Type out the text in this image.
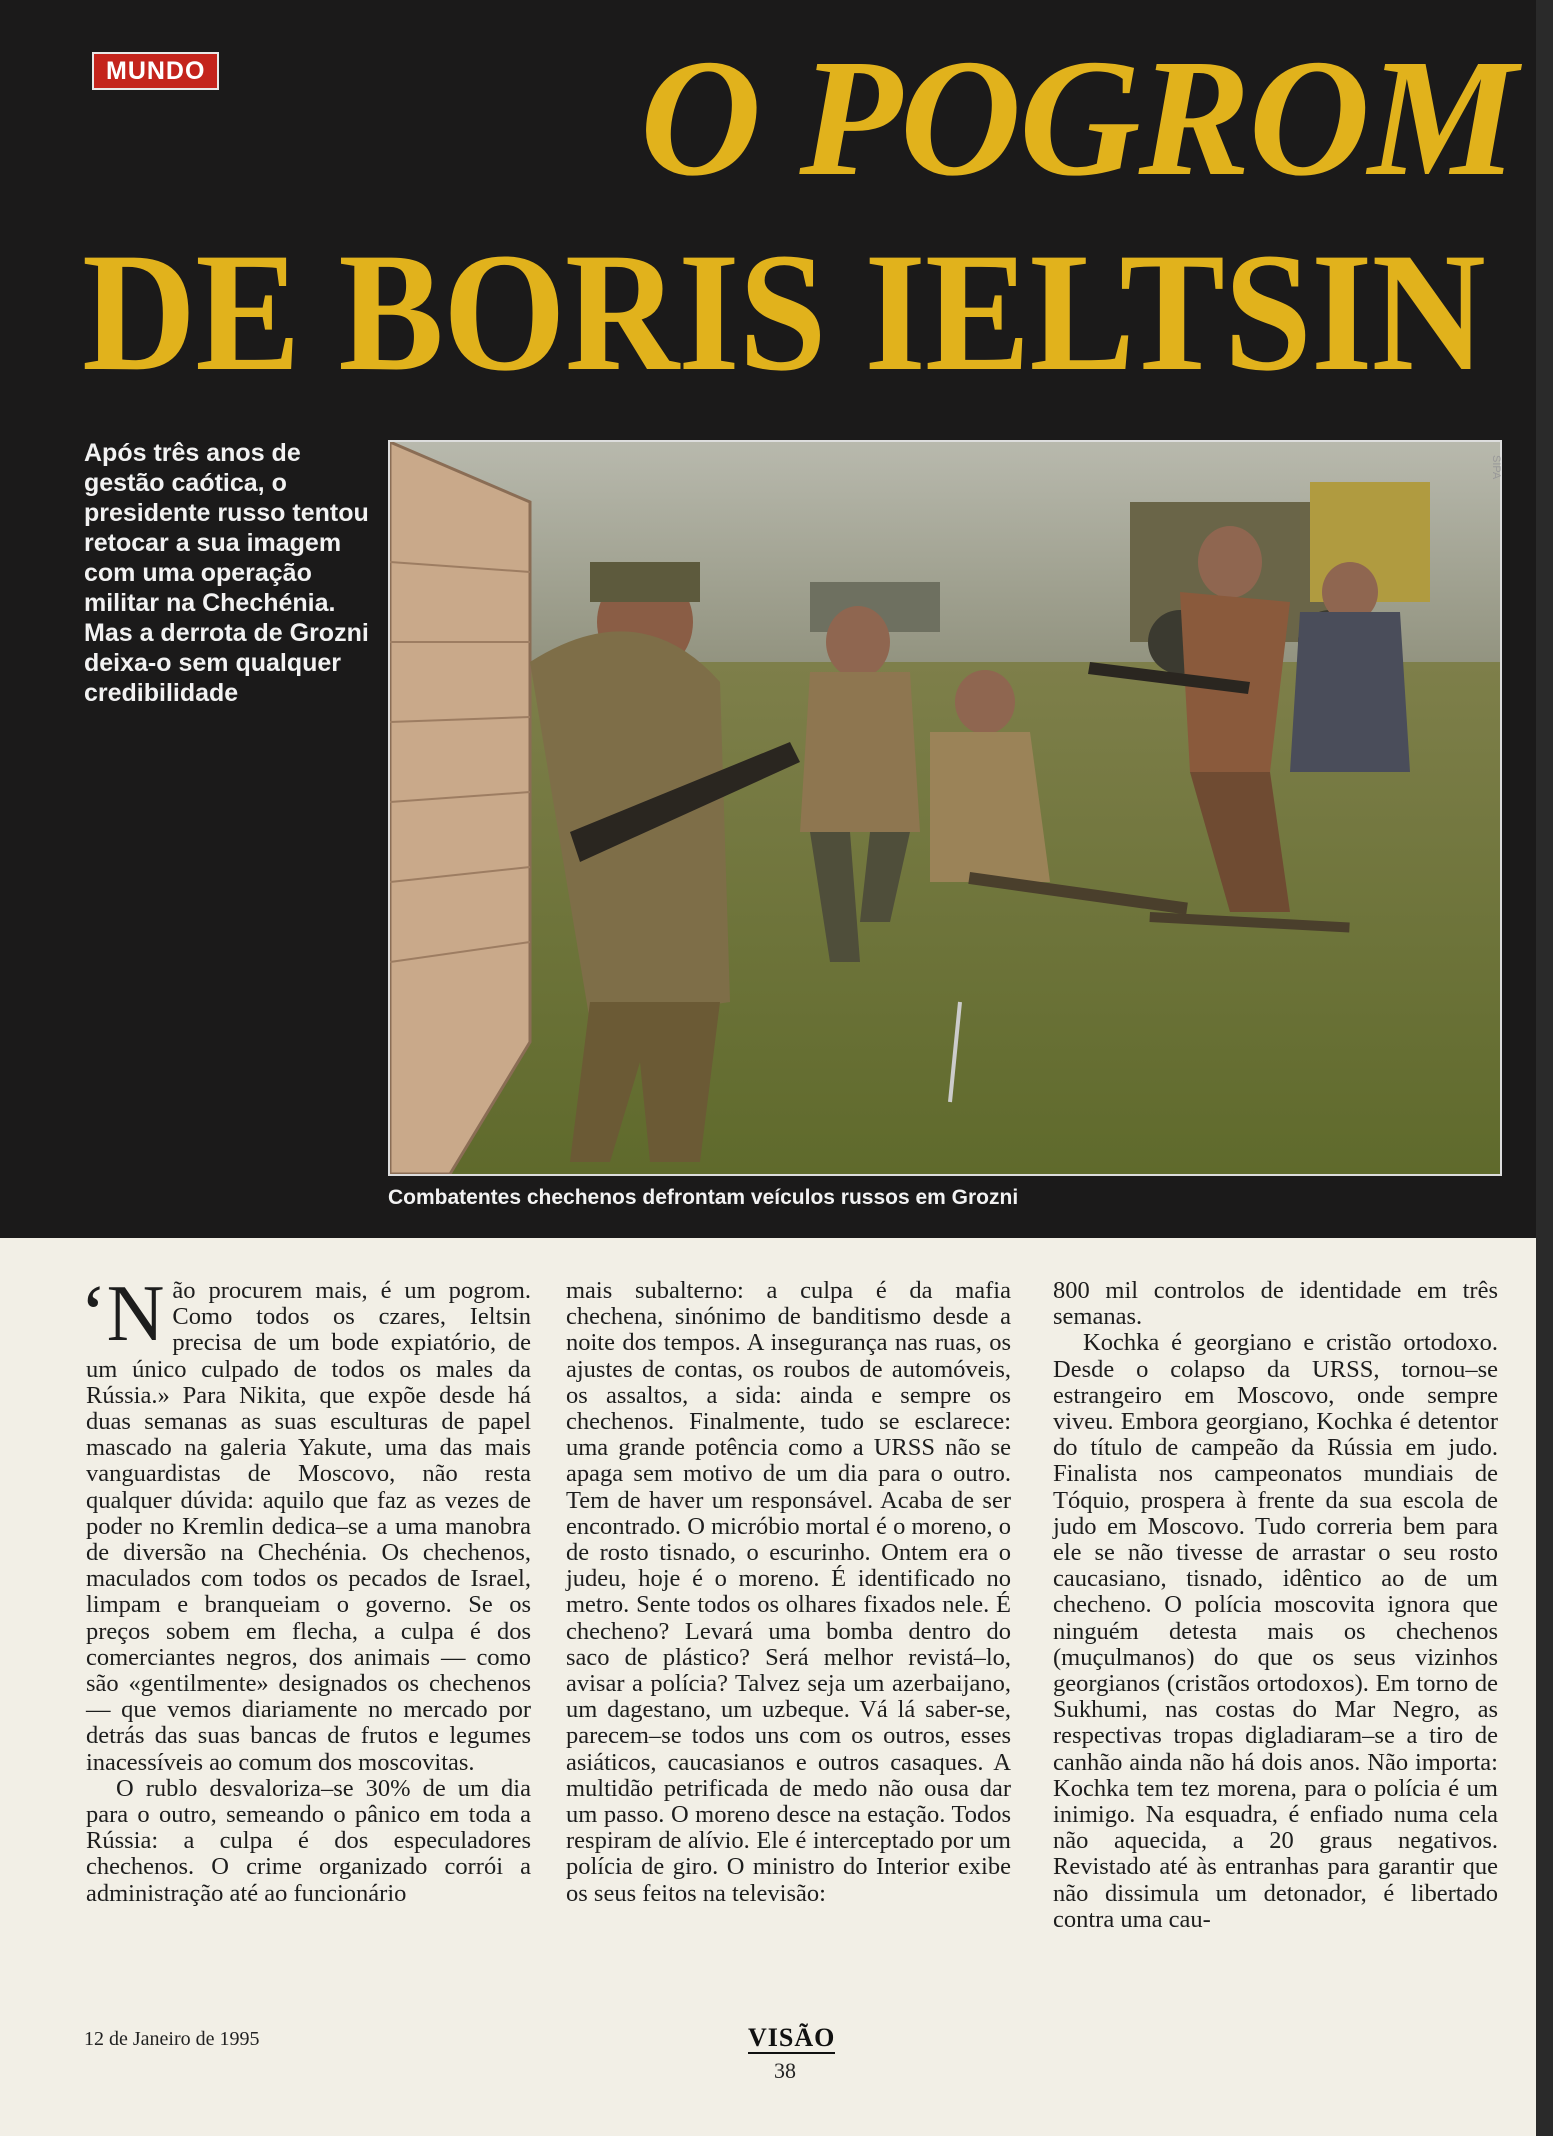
MUNDO	O POGROM
DE BORIS IELTSIN

Após três anos de gestão caótica, o presidente russo tentou retocar a sua imagem com uma operação militar na Chechénia. Mas a derrota de Grozni deixa-o sem qualquer credibilidade

SIPA

Combatentes chechenos defrontam veículos russos em Grozni

‘Não procurem mais, é um pogrom. Como todos os czares, Ieltsin precisa de um bode expiatório, de um único culpado de todos os males da Rússia.» Para Nikita, que expõe desde há duas semanas as suas esculturas de papel mascado na galeria Yakute, uma das mais vanguardistas de Moscovo, não resta qualquer dúvida: aquilo que faz as vezes de poder no Kremlin dedica–se a uma manobra de diversão na Chechénia. Os chechenos, maculados com todos os pecados de Israel, limpam e branqueiam o governo. Se os preços sobem em flecha, a culpa é dos comerciantes negros, dos animais — como são «gentilmente» designados os chechenos — que vemos diariamente no mercado por detrás das suas bancas de frutos e legumes inacessíveis ao comum dos moscovitas.

O rublo desvaloriza–se 30% de um dia para o outro, semeando o pânico em toda a Rússia: a culpa é dos especuladores chechenos. O crime organizado corrói a administração até ao funcionário

mais subalterno: a culpa é da mafia chechena, sinónimo de banditismo desde a noite dos tempos. A insegurança nas ruas, os ajustes de contas, os roubos de automóveis, os assaltos, a sida: ainda e sempre os chechenos. Finalmente, tudo se esclarece: uma grande potência como a URSS não se apaga sem motivo de um dia para o outro. Tem de haver um responsável. Acaba de ser encontrado. O micróbio mortal é o moreno, o de rosto tisnado, o escurinho. Ontem era o judeu, hoje é o moreno. É identificado no metro. Sente todos os olhares fixados nele. É checheno? Levará uma bomba dentro do saco de plástico? Será melhor revistá–lo, avisar a polícia? Talvez seja um azerbaijano, um dagestano, um uzbeque. Vá lá saber-se, parecem–se todos uns com os outros, esses asiáticos, caucasianos e outros casaques. A multidão petrificada de medo não ousa dar um passo. O moreno desce na estação. Todos respiram de alívio. Ele é interceptado por um polícia de giro. O ministro do Interior exibe os seus feitos na televisão:

800 mil controlos de identidade em três semanas.

Kochka é georgiano e cristão ortodoxo. Desde o colapso da URSS, tornou–se estrangeiro em Moscovo, onde sempre viveu. Embora georgiano, Kochka é detentor do título de campeão da Rússia em judo. Finalista nos campeonatos mundiais de Tóquio, prospera à frente da sua escola de judo em Moscovo. Tudo correria bem para ele se não tivesse de arrastar o seu rosto caucasiano, tisnado, idêntico ao de um checheno. O polícia moscovita ignora que ninguém detesta mais os chechenos (muçulmanos) do que os seus vizinhos georgianos (cristãos ortodoxos). Em torno de Sukhumi, nas costas do Mar Negro, as respectivas tropas digladiaram–se a tiro de canhão ainda não há dois anos. Não importa: Kochka tem tez morena, para o polícia é um inimigo. Na esquadra, é enfiado numa cela não aquecida, a 20 graus negativos. Revistado até às entranhas para garantir que não dissimula um detonador, é libertado contra uma cau-

12 de Janeiro de 1995	VISÃO
38
